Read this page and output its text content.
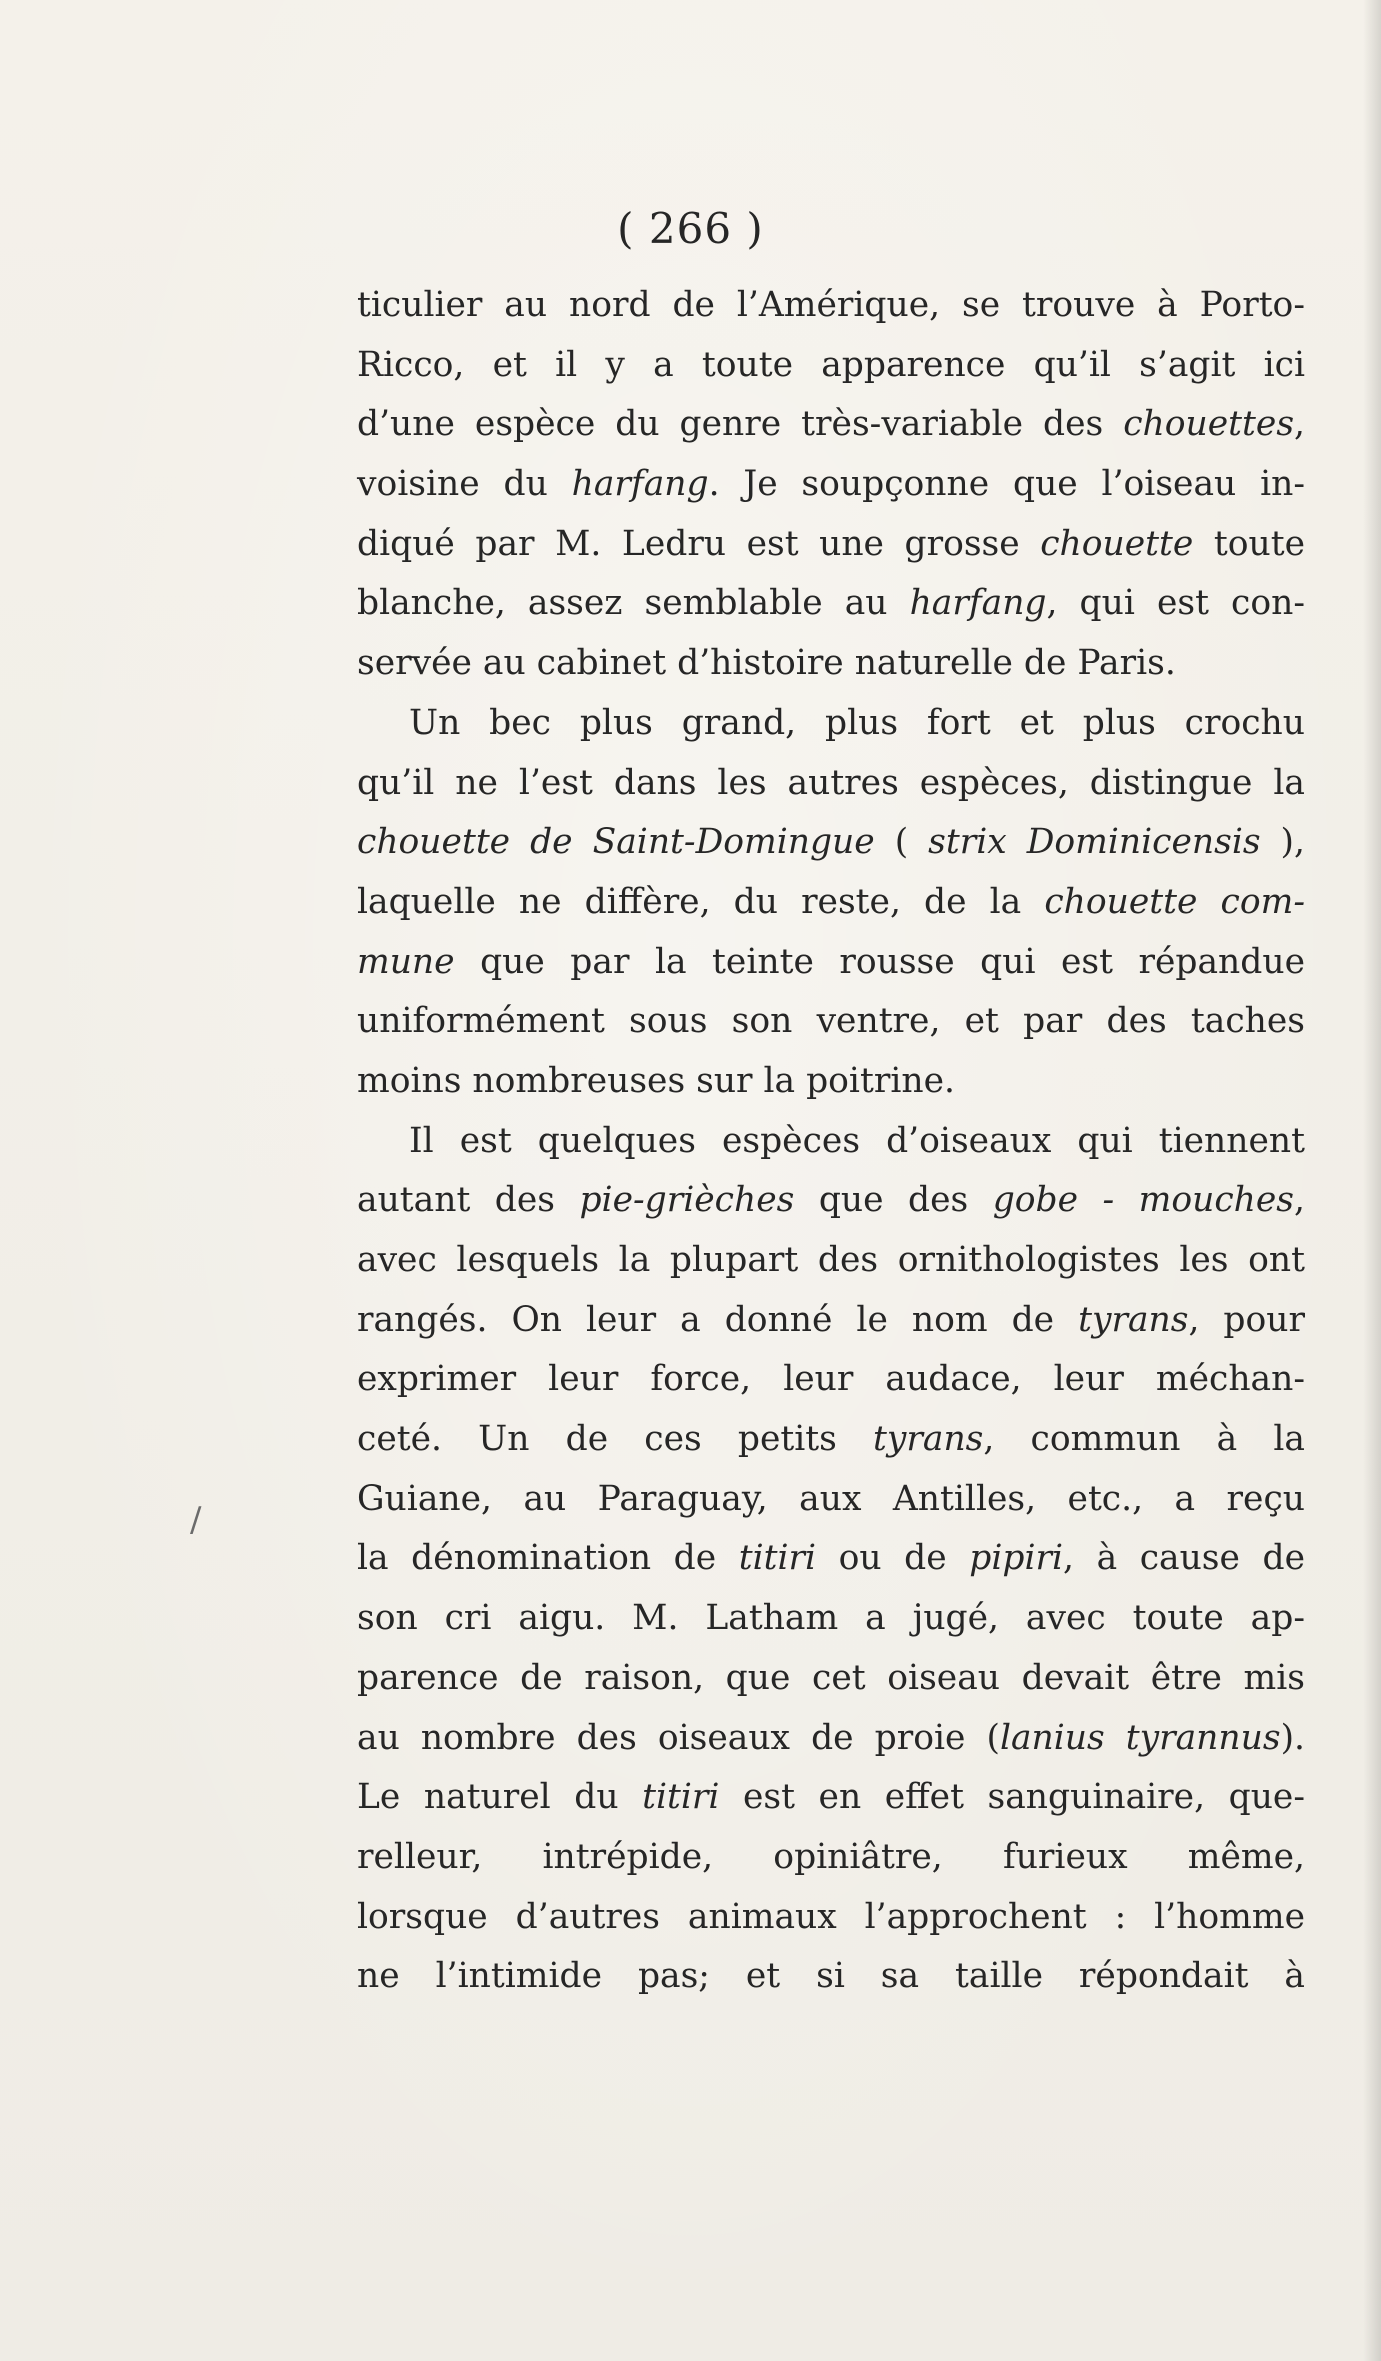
( 266 )
ticulier au nord de l’Amérique, se trouve à Porto-
Ricco, et il y a toute apparence qu’il s’agit ici
d’une espèce du genre très-variable des chouettes,
voisine du harfang. Je soupçonne que l’oiseau in-
diqué par M. Ledru est une grosse chouette toute
blanche, assez semblable au harfang, qui est con-
servée au cabinet d’histoire naturelle de Paris.
Un bec plus grand, plus fort et plus crochu
qu’il ne l’est dans les autres espèces, distingue la
chouette de Saint-Domingue ( strix Dominicensis ),
laquelle ne diffère, du reste, de la chouette com-
mune que par la teinte rousse qui est répandue
uniformément sous son ventre, et par des taches
moins nombreuses sur la poitrine.
Il est quelques espèces d’oiseaux qui tiennent
autant des pie-grièches que des gobe - mouches,
avec lesquels la plupart des ornithologistes les ont
rangés. On leur a donné le nom de tyrans, pour
exprimer leur force, leur audace, leur méchan-
ceté. Un de ces petits tyrans, commun à la
Guiane, au Paraguay, aux Antilles, etc., a reçu
la dénomination de titiri ou de pipiri, à cause de
son cri aigu. M. Latham a jugé, avec toute ap-
parence de raison, que cet oiseau devait être mis
au nombre des oiseaux de proie (lanius tyrannus).
Le naturel du titiri est en effet sanguinaire, que-
relleur, intrépide, opiniâtre, furieux même,
lorsque d’autres animaux l’approchent : l’homme
ne l’intimide pas; et si sa taille répondait à
/
